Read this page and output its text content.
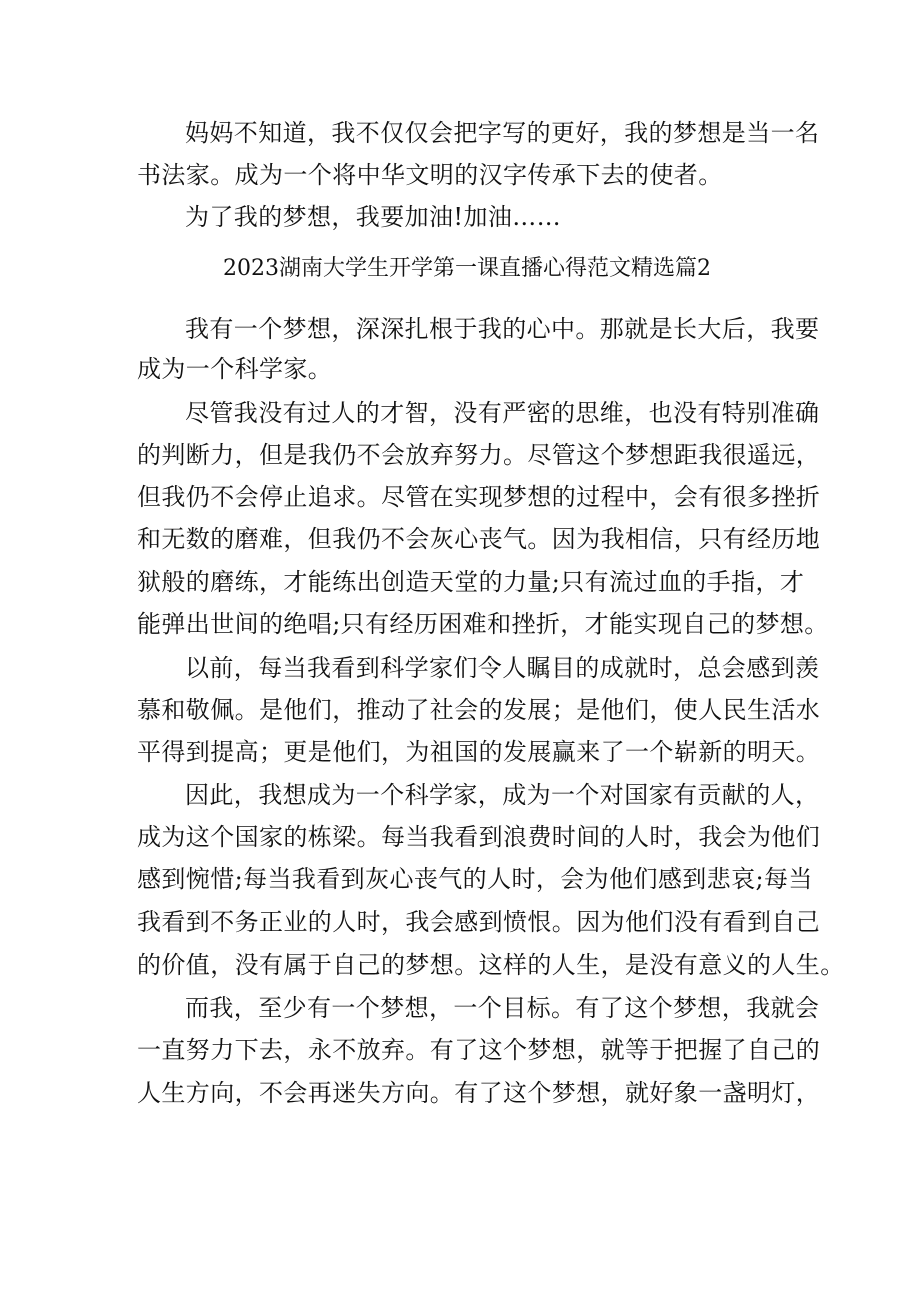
妈妈不知道，我不仅仅会把字写的更好，我的梦想是当一名
书法家。成为一个将中华文明的汉字传承下去的使者。
为了我的梦想，我要加油!加油……
2023湖南大学生开学第一课直播心得范文精选篇2
我有一个梦想，深深扎根于我的心中。那就是长大后，我要
成为一个科学家。
尽管我没有过人的才智，没有严密的思维，也没有特别准确
的判断力，但是我仍不会放弃努力。尽管这个梦想距我很遥远，
但我仍不会停止追求。尽管在实现梦想的过程中，会有很多挫折
和无数的磨难，但我仍不会灰心丧气。因为我相信，只有经历地
狱般的磨练，才能练出创造天堂的力量;只有流过血的手指，才
能弹出世间的绝唱;只有经历困难和挫折，才能实现自己的梦想。
以前，每当我看到科学家们令人瞩目的成就时，总会感到羡
慕和敬佩。是他们，推动了社会的发展；是他们，使人民生活水
平得到提高；更是他们，为祖国的发展赢来了一个崭新的明天。
因此，我想成为一个科学家，成为一个对国家有贡献的人，
成为这个国家的栋梁。每当我看到浪费时间的人时，我会为他们
感到惋惜;每当我看到灰心丧气的人时，会为他们感到悲哀;每当
我看到不务正业的人时，我会感到愤恨。因为他们没有看到自己
的价值，没有属于自己的梦想。这样的人生，是没有意义的人生。
而我，至少有一个梦想，一个目标。有了这个梦想，我就会
一直努力下去，永不放弃。有了这个梦想，就等于把握了自己的
人生方向，不会再迷失方向。有了这个梦想，就好象一盏明灯，
